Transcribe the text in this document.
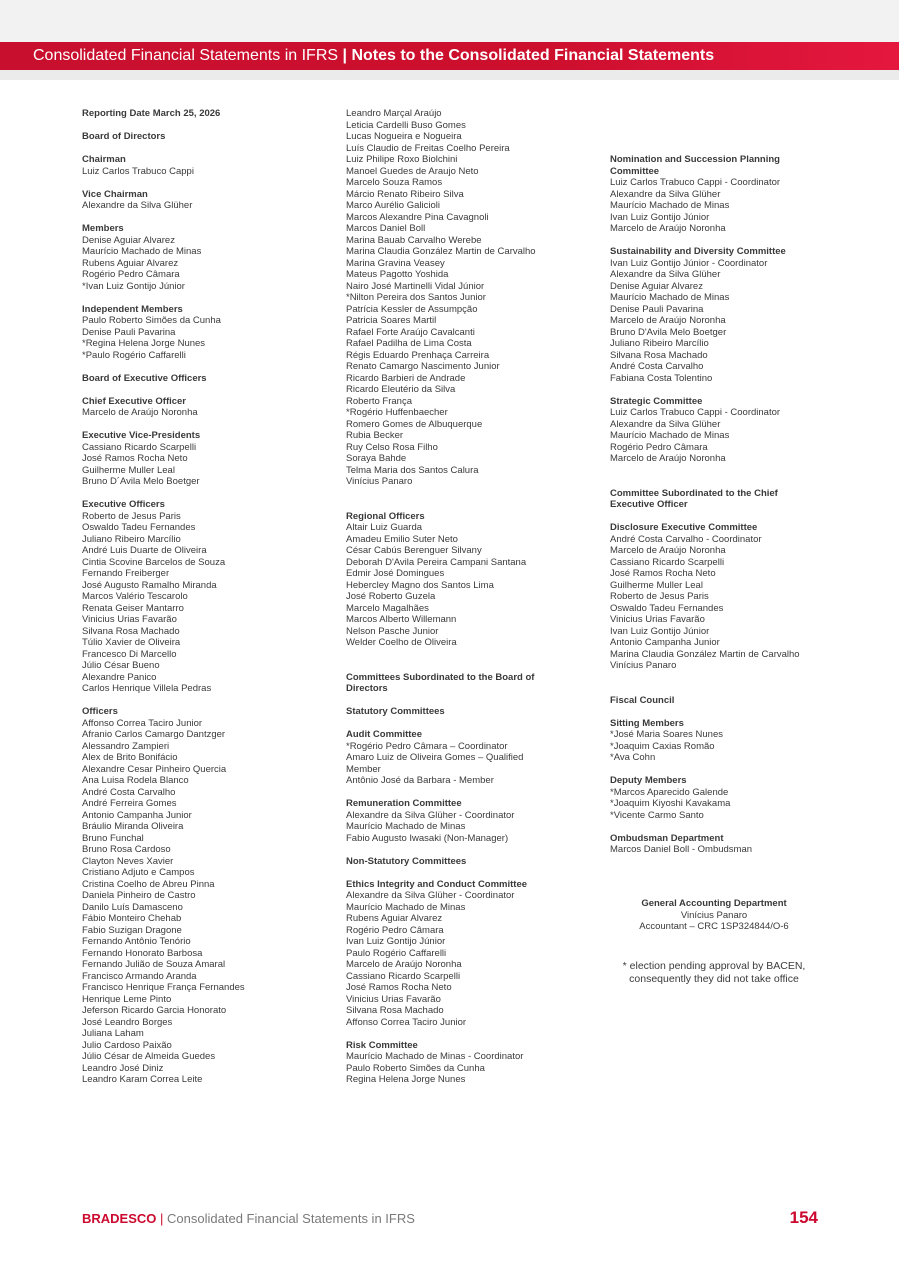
Consolidated Financial Statements in IFRS | Notes to the Consolidated Financial Statements
Reporting Date March 25, 2026
Board of Directors
Chairman
Luiz Carlos Trabuco Cappi
Vice Chairman
Alexandre da Silva Glüher
Members
Denise Aguiar Alvarez
Maurício Machado de Minas
Rubens Aguiar Alvarez
Rogério Pedro Câmara
*Ivan Luiz Gontijo Júnior
Independent Members
Paulo Roberto Simões da Cunha
Denise Pauli Pavarina
*Regina Helena Jorge Nunes
*Paulo Rogério Caffarelli
Board of Executive Officers
Chief Executive Officer
Marcelo de Araújo Noronha
Executive Vice-Presidents
Cassiano Ricardo Scarpelli
José Ramos Rocha Neto
Guilherme Muller Leal
Bruno D´Avila Melo Boetger
Executive Officers
Roberto de Jesus Paris
Oswaldo Tadeu Fernandes
Juliano Ribeiro Marcílio
André Luis Duarte de Oliveira
Cintia Scovine Barcelos de Souza
Fernando Freiberger
José Augusto Ramalho Miranda
Marcos Valério Tescarolo
Renata Geiser Mantarro
Vinicius Urias Favarão
Silvana Rosa Machado
Túlio Xavier de Oliveira
Francesco Di Marcello
Júlio César Bueno
Alexandre Panico
Carlos Henrique Villela Pedras
Officers
Affonso Correa Taciro Junior
Afranio Carlos Camargo Dantzger
Alessandro Zampieri
Alex de Brito Bonifácio
Alexandre Cesar Pinheiro Quercia
Ana Luisa Rodela Blanco
André Costa Carvalho
André Ferreira Gomes
Antonio Campanha Junior
Bráulio Miranda Oliveira
Bruno Funchal
Bruno Rosa Cardoso
Clayton Neves Xavier
Cristiano Adjuto e Campos
Cristina Coelho de Abreu Pinna
Daniela Pinheiro de Castro
Danilo Luís Damasceno
Fábio Monteiro Chehab
Fabio Suzigan Dragone
Fernando Antônio Tenório
Fernando Honorato Barbosa
Fernando Julião de Souza Amaral
Francisco Armando Aranda
Francisco Henrique França Fernandes
Henrique Leme Pinto
Jeferson Ricardo Garcia Honorato
José Leandro Borges
Juliana Laham
Julio Cardoso Paixão
Júlio César de Almeida Guedes
Leandro José Diniz
Leandro Karam Correa Leite
Leandro Marçal Araújo
Leticia Cardelli Buso Gomes
Lucas Nogueira e Nogueira
Luís Claudio de Freitas Coelho Pereira
Luiz Philipe Roxo Biolchini
Manoel Guedes de Araujo Neto
Marcelo Souza Ramos
Márcio Renato Ribeiro Silva
Marco Aurélio Galicioli
Marcos Alexandre Pina Cavagnoli
Marcos Daniel Boll
Marina Bauab Carvalho Werebe
Marina Claudia González Martin de Carvalho
Marina Gravina Veasey
Mateus Pagotto Yoshida
Nairo José Martinelli Vidal Júnior
*Nilton Pereira dos Santos Junior
Patrícia Kessler de Assumpção
Patricia Soares Martil
Rafael Forte Araújo Cavalcanti
Rafael Padilha de Lima Costa
Régis Eduardo Prenhaça Carreira
Renato Camargo Nascimento Junior
Ricardo Barbieri de Andrade
Ricardo Eleutério da Silva
Roberto França
*Rogério Huffenbaecher
Romero Gomes de Albuquerque
Rubia Becker
Ruy Celso Rosa Filho
Soraya Bahde
Telma Maria dos Santos Calura
Vinícius Panaro
Regional Officers
Altair Luiz Guarda
Amadeu Emilio Suter Neto
César Cabús Berenguer Silvany
Deborah D'Avila Pereira Campani Santana
Edmir José Domingues
Hebercley Magno dos Santos Lima
José Roberto Guzela
Marcelo Magalhães
Marcos Alberto Willemann
Nelson Pasche Junior
Welder Coelho de Oliveira
Committees Subordinated to the Board of
Directors
Statutory Committees
Audit Committee
*Rogério Pedro Câmara – Coordinator
Amaro Luiz de Oliveira Gomes – Qualified
Member
Antônio José da Barbara - Member
Remuneration Committee
Alexandre da Silva Glüher - Coordinator
Maurício Machado de Minas
Fabio Augusto Iwasaki (Non-Manager)
Non-Statutory Committees
Ethics Integrity and Conduct Committee
Alexandre da Silva Glüher - Coordinator
Maurício Machado de Minas
Rubens Aguiar Alvarez
Rogério Pedro Câmara
Ivan Luiz Gontijo Júnior
Paulo Rogério Caffarelli
Marcelo de Araújo Noronha
Cassiano Ricardo Scarpelli
José Ramos Rocha Neto
Vinicius Urias Favarão
Silvana Rosa Machado
Affonso Correa Taciro Junior
Risk Committee
Maurício Machado de Minas - Coordinator
Paulo Roberto Simões da Cunha
Regina Helena Jorge Nunes
Nomination and Succession Planning
Committee
Luiz Carlos Trabuco Cappi - Coordinator
Alexandre da Silva Glüher
Maurício Machado de Minas
Ivan Luiz Gontijo Júnior
Marcelo de Araújo Noronha
Sustainability and Diversity Committee
Ivan Luiz Gontijo Júnior - Coordinator
Alexandre da Silva Glüher
Denise Aguiar Alvarez
Maurício Machado de Minas
Denise Pauli Pavarina
Marcelo de Araújo Noronha
Bruno D'Avila Melo Boetger
Juliano Ribeiro Marcílio
Silvana Rosa Machado
André Costa Carvalho
Fabiana Costa Tolentino
Strategic Committee
Luiz Carlos Trabuco Cappi - Coordinator
Alexandre da Silva Glüher
Maurício Machado de Minas
Rogério Pedro Câmara
Marcelo de Araújo Noronha
Committee Subordinated to the Chief
Executive Officer
Disclosure Executive Committee
André Costa Carvalho - Coordinator
Marcelo de Araújo Noronha
Cassiano Ricardo Scarpelli
José Ramos Rocha Neto
Guilherme Muller Leal
Roberto de Jesus Paris
Oswaldo Tadeu Fernandes
Vinicius Urias Favarão
Ivan Luiz Gontijo Júnior
Antonio Campanha Junior
Marina Claudia González Martin de Carvalho
Vinícius Panaro
Fiscal Council
Sitting Members
*José Maria Soares Nunes
*Joaquim Caxias Romão
*Ava Cohn
Deputy Members
*Marcos Aparecido Galende
*Joaquim Kiyoshi Kavakama
*Vicente Carmo Santo
Ombudsman Department
Marcos Daniel Boll - Ombudsman
General Accounting Department
Vinícius Panaro
Accountant – CRC 1SP324844/O-6
* election pending approval by BACEN,
consequently they did not take office
BRADESCO | Consolidated Financial Statements in IFRS	154
